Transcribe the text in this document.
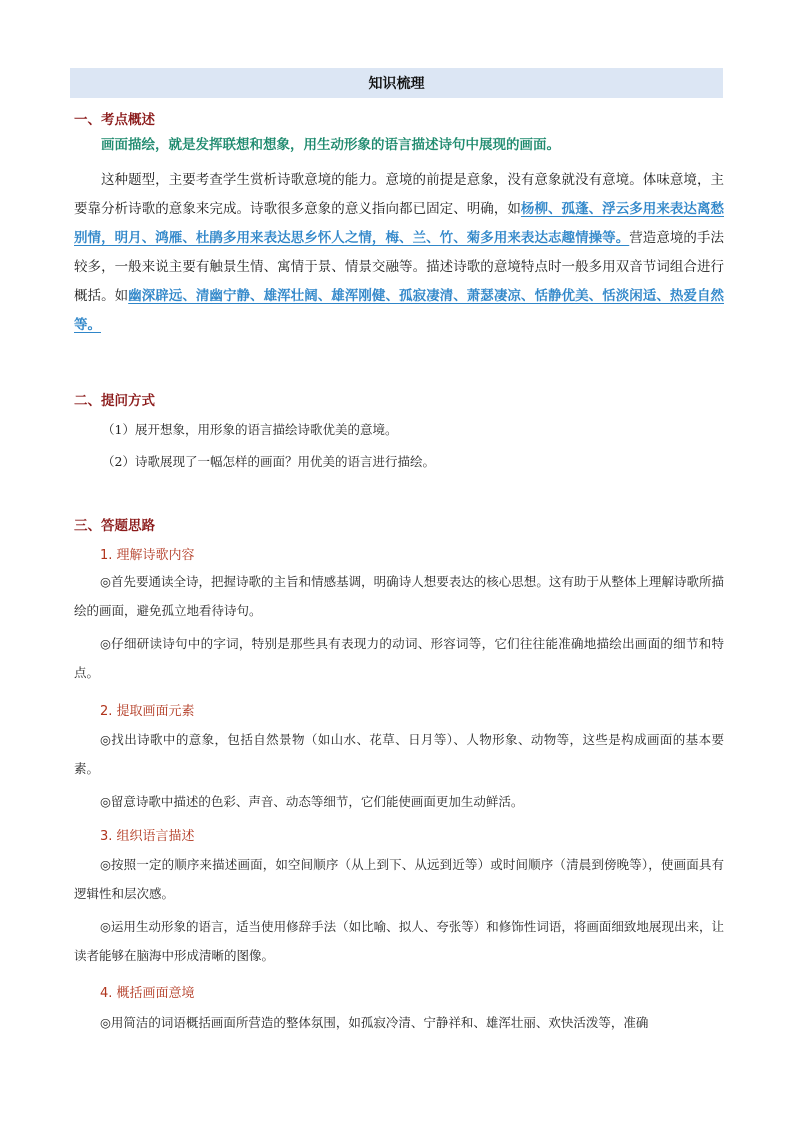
知识梳理
一、考点概述
画面描绘，就是发挥联想和想象，用生动形象的语言描述诗句中展现的画面。
这种题型，主要考查学生赏析诗歌意境的能力。意境的前提是意象，没有意象就没有意境。体味意境，主要靠分析诗歌的意象来完成。诗歌很多意象的意义指向都已固定、明确，如杨柳、孤蓬、浮云多用来表达离愁别情，明月、鸿雁、杜鹃多用来表达思乡怀人之情，梅、兰、竹、菊多用来表达志趣情操等。营造意境的手法较多，一般来说主要有触景生情、寓情于景、情景交融等。描述诗歌的意境特点时一般多用双音节词组合进行概括。如幽深辟远、清幽宁静、雄浑壮阔、雄浑刚健、孤寂凄清、萧瑟凄凉、恬静优美、恬淡闲适、热爱自然等。
二、提问方式
（1）展开想象，用形象的语言描绘诗歌优美的意境。
（2）诗歌展现了一幅怎样的画面？用优美的语言进行描绘。
三、答题思路
1. 理解诗歌内容
◎首先要通读全诗，把握诗歌的主旨和情感基调，明确诗人想要表达的核心思想。这有助于从整体上理解诗歌所描绘的画面，避免孤立地看待诗句。
◎仔细研读诗句中的字词，特别是那些具有表现力的动词、形容词等，它们往往能准确地描绘出画面的细节和特点。
2. 提取画面元素
◎找出诗歌中的意象，包括自然景物（如山水、花草、日月等）、人物形象、动物等，这些是构成画面的基本要素。
◎留意诗歌中描述的色彩、声音、动态等细节，它们能使画面更加生动鲜活。
3. 组织语言描述
◎按照一定的顺序来描述画面，如空间顺序（从上到下、从远到近等）或时间顺序（清晨到傍晚等），使画面具有逻辑性和层次感。
◎运用生动形象的语言，适当使用修辞手法（如比喻、拟人、夸张等）和修饰性词语，将画面细致地展现出来，让读者能够在脑海中形成清晰的图像。
4. 概括画面意境
◎用简洁的词语概括画面所营造的整体氛围，如孤寂冷清、宁静祥和、雄浑壮丽、欢快活泼等，准确
